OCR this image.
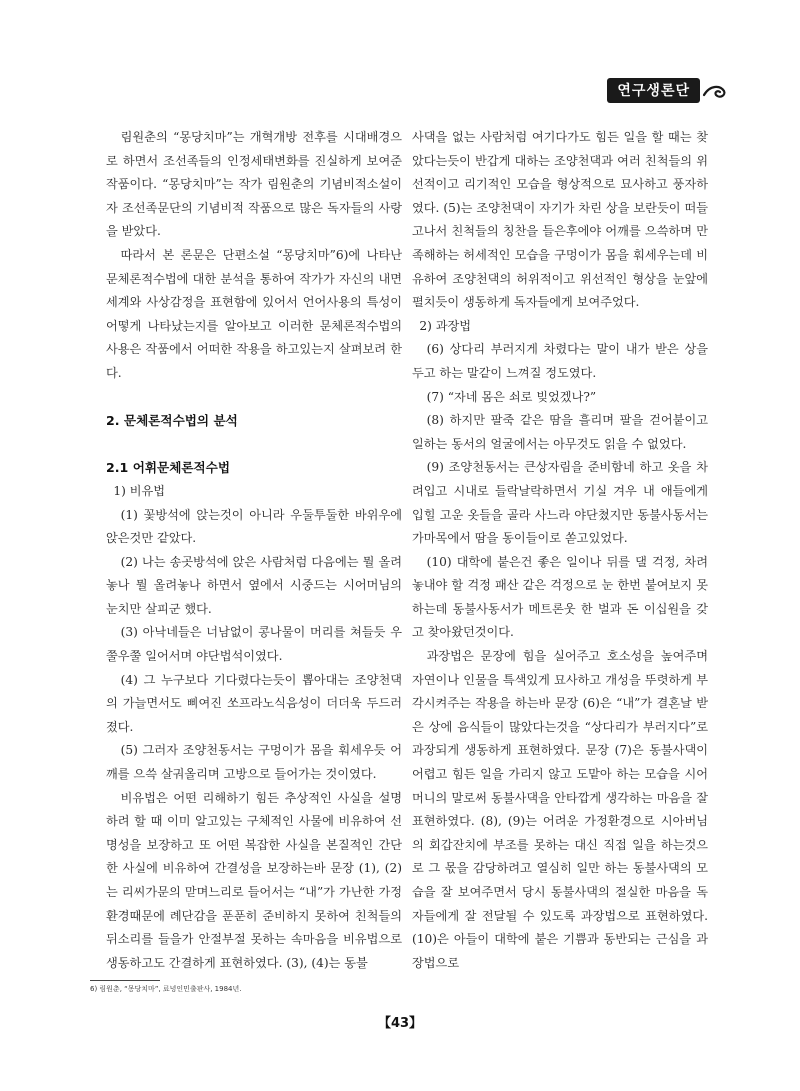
연구생론단

림원춘의 “몽당치마”는 개혁개방 전후를 시대배경으로 하면서 조선족들의 인정세태변화를 진실하게 보여준 작품이다. “몽당치마”는 작가 림원춘의 기념비적소설이자 조선족문단의 기념비적 작품으로 많은 독자들의 사랑을 받았다.

따라서 본 론문은 단편소설 “몽당치마”6)에 나타난 문체론적수법에 대한 분석을 통하여 작가가 자신의 내면세계와 사상감정을 표현함에 있어서 언어사용의 특성이 어떻게 나타났는지를 알아보고 이러한 문체론적수법의 사용은 작품에서 어떠한 작용을 하고있는지 살펴보려 한다.

2. 문체론적수법의 분석
2.1 어휘문체론적수법

1) 비유법

(1) 꽃방석에 앉는것이 아니라 우둘투둘한 바위우에 앉은것만 같았다.

(2) 나는 송곳방석에 앉은 사람처럼 다음에는 뭘 올려놓나 뭘 올려놓나 하면서 옆에서 시중드는 시어머님의 눈치만 살피군 했다.

(3) 아낙네들은 너남없이 콩나물이 머리를 쳐들듯 우쭐우쭐 일어서며 야단법석이였다.

(4) 그 누구보다 기다렸다는듯이 뽑아대는 조양천댁의 가늘면서도 삐여진 쏘프라노식음성이 더더욱 두드러졌다.

(5) 그러자 조양천동서는 구멍이가 몸을 훠세우듯 어깨를 으쓱 살궈올리며 고방으로 들어가는 것이였다.

비유법은 어떤 리해하기 힘든 추상적인 사실을 설명하려 할 때 이미 알고있는 구체적인 사물에 비유하여 선명성을 보장하고 또 어떤 복잡한 사실을 본질적인 간단한 사실에 비유하여 간결성을 보장하는바 문장 (1), (2)는 리씨가문의 맏며느리로 들어서는 “내”가 가난한 가정환경때문에 례단감을 푼푼히 준비하지 못하여 친척들의 뒤소리를 들을가 안절부절 못하는 속마음을 비유법으로 생동하고도 간결하게 표현하였다. (3), (4)는 동불

사댁을 없는 사람처럼 여기다가도 힘든 일을 할 때는 찾았다는듯이 반갑게 대하는 조양천댁과 여러 친척들의 위선적이고 리기적인 모습을 형상적으로 묘사하고 풍자하였다. (5)는 조양천댁이 자기가 차린 상을 보란듯이 떠들고나서 친척들의 칭찬을 들은후에야 어깨를 으쓱하며 만족해하는 허세적인 모습을 구멍이가 몸을 훠세우는데 비유하여 조양천댁의 허위적이고 위선적인 형상을 눈앞에 펼치듯이 생동하게 독자들에게 보여주었다.

2) 과장법

(6) 상다리 부러지게 차렸다는 말이 내가 받은 상을 두고 하는 말같이 느껴질 정도였다.

(7) “자네 몸은 쇠로 빚었겠나?”

(8) 하지만 팔죽 같은 땀을 흘리며 팔을 걷어붙이고 일하는 동서의 얼굴에서는 아무것도 읽을 수 없었다.

(9) 조양천동서는 큰상자림을 준비함네 하고 옷을 차려입고 시내로 들락날락하면서 기실 겨우 내 애들에게 입힐 고운 옷들을 골라 사느라 야단쳤지만 동불사동서는 가마목에서 땀을 동이들이로 쏟고있었다.

(10) 대학에 붙은건 좋은 일이나 뒤를 댈 걱정, 차려놓내야 할 걱정 패산 같은 걱정으로 눈 한번 붙여보지 못하는데 동불사동서가 메트론웃 한 벌과 돈 이십원을 갖고 찾아왔던것이다.

과장법은 문장에 힘을 실어주고 호소성을 높여주며 자연이나 인물을 특색있게 묘사하고 개성을 뚜렷하게 부각시켜주는 작용을 하는바 문장 (6)은 “내”가 결혼날 받은 상에 음식들이 많았다는것을 “상다리가 부러지다”로 과장되게 생동하게 표현하였다. 문장 (7)은 동불사댁이 어렵고 힘든 일을 가리지 않고 도맡아 하는 모습을 시어머니의 말로써 동불사댁을 안타깝게 생각하는 마음을 잘 표현하였다. (8), (9)는 어려운 가정환경으로 시아버님의 회갑잔치에 부조를 못하는 대신 직접 일을 하는것으로 그 몫을 감당하려고 열심히 일만 하는 동불사댁의 모습을 잘 보여주면서 당시 동불사댁의 절실한 마음을 독자들에게 잘 전달될 수 있도록 과장법으로 표현하였다. (10)은 아들이 대학에 붙은 기쁨과 동반되는 근심을 과장법으로

6) 림원춘, “몽당치마”, 료녕인민출판사, 1984년.
【43】
